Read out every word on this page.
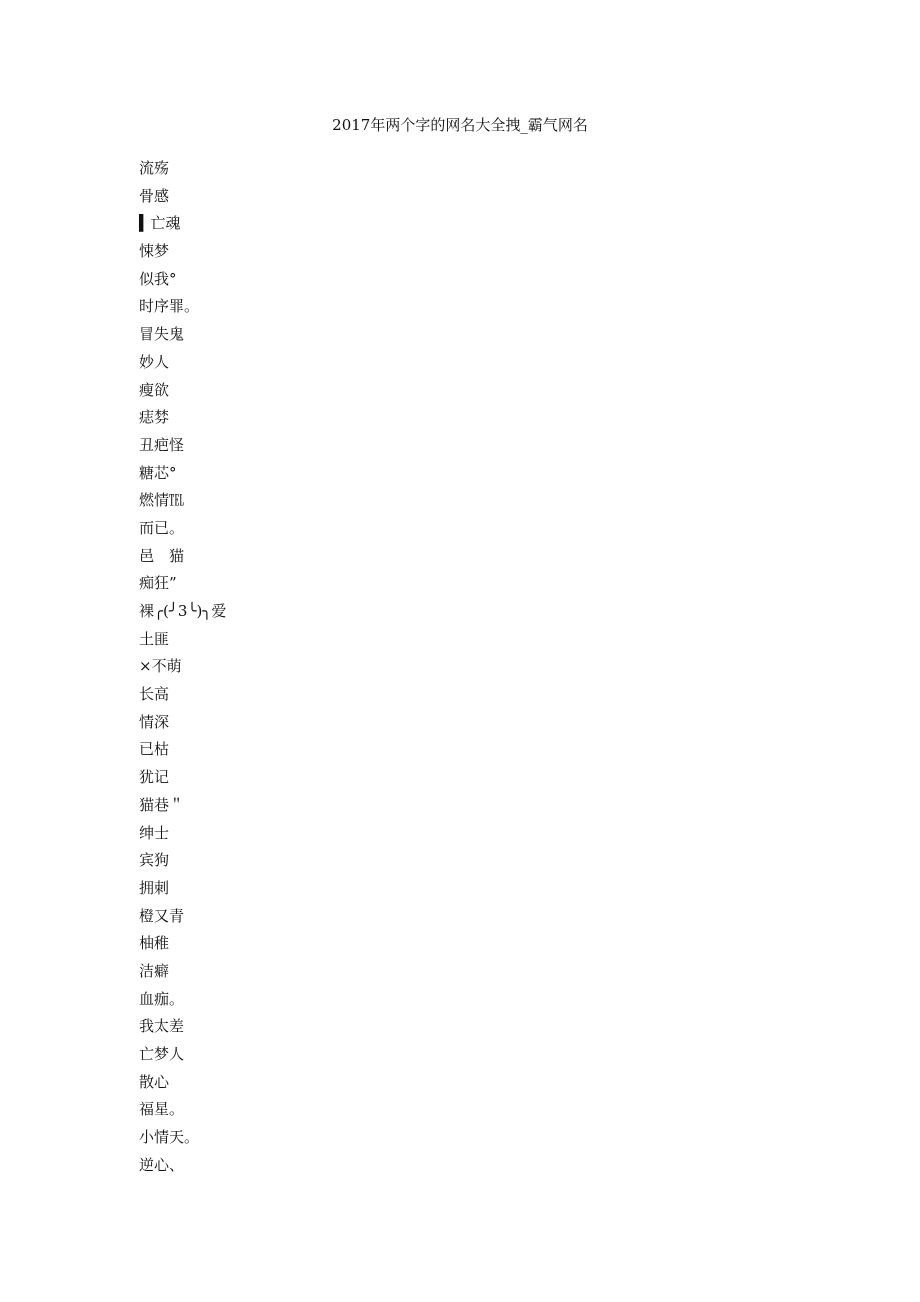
2017年两个字的网名大全拽_霸气网名
流殇
骨感
▍亡魂
悚梦
似我°
时序罪。
冒失鬼
妙人
瘦欲
痣棼
丑疤怪
糖芯°
燃情℡
而已。
邑　猫
痴狂”
裸╭(╯3╰)╮爱
土匪
×不萌
长高
情深
已枯
犹记
猫巷＂
绅士
宾狗
拥刺
橙又青
柚稚
洁癖
血痂。
我太差
亡梦人
散心
福星。
小情天。
逆心、
